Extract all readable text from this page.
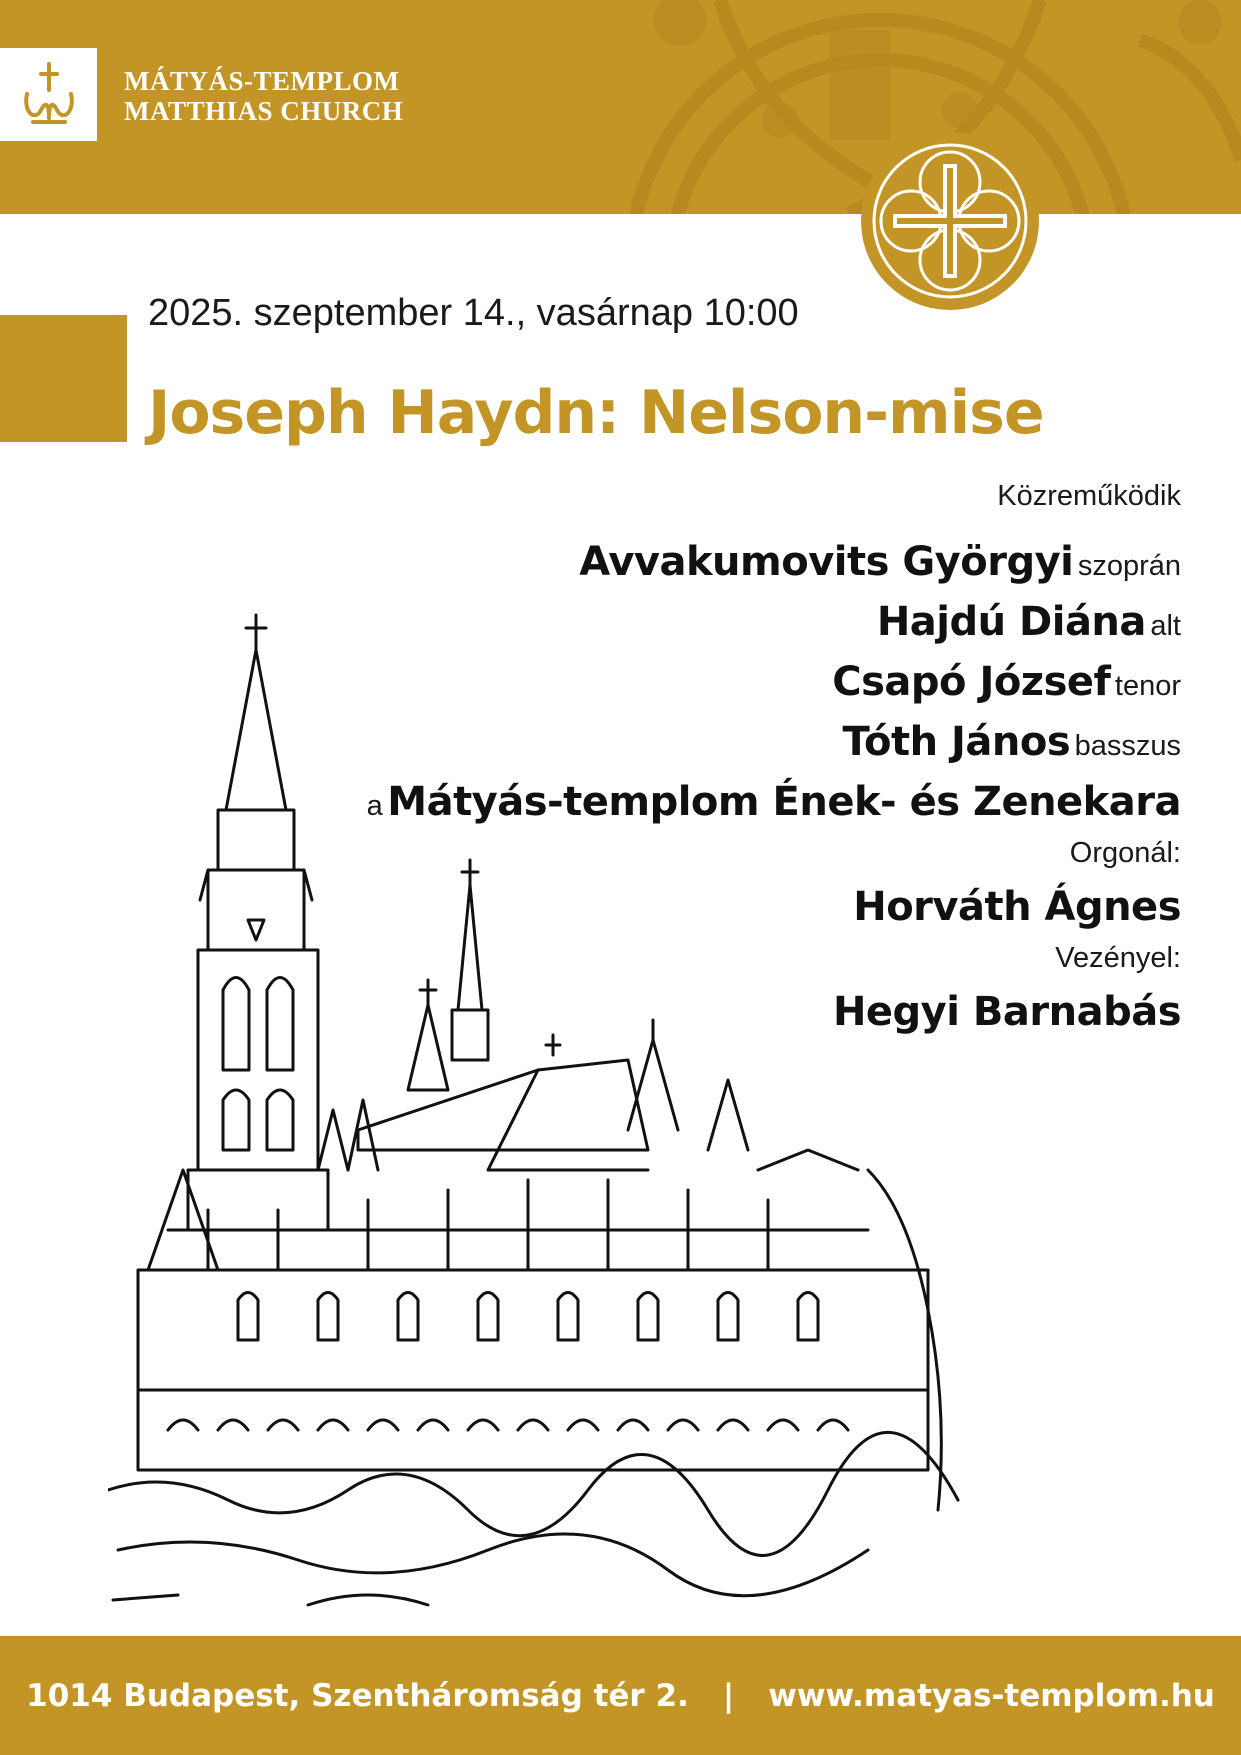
MÁTYÁS-TEMPLOM
MATTHIAS CHURCH
2025. szeptember 14., vasárnap 10:00
Joseph Haydn: Nelson-mise
Közreműködik
Avvakumovits Györgyi szoprán
Hajdú Diána alt
Csapó József tenor
Tóth János basszus
a Mátyás-templom Ének- és Zenekara
Orgonál:
Horváth Ágnes
Vezényel:
Hegyi Barnabás
1014 Budapest, Szentháromság tér 2. | www.matyas-templom.hu
